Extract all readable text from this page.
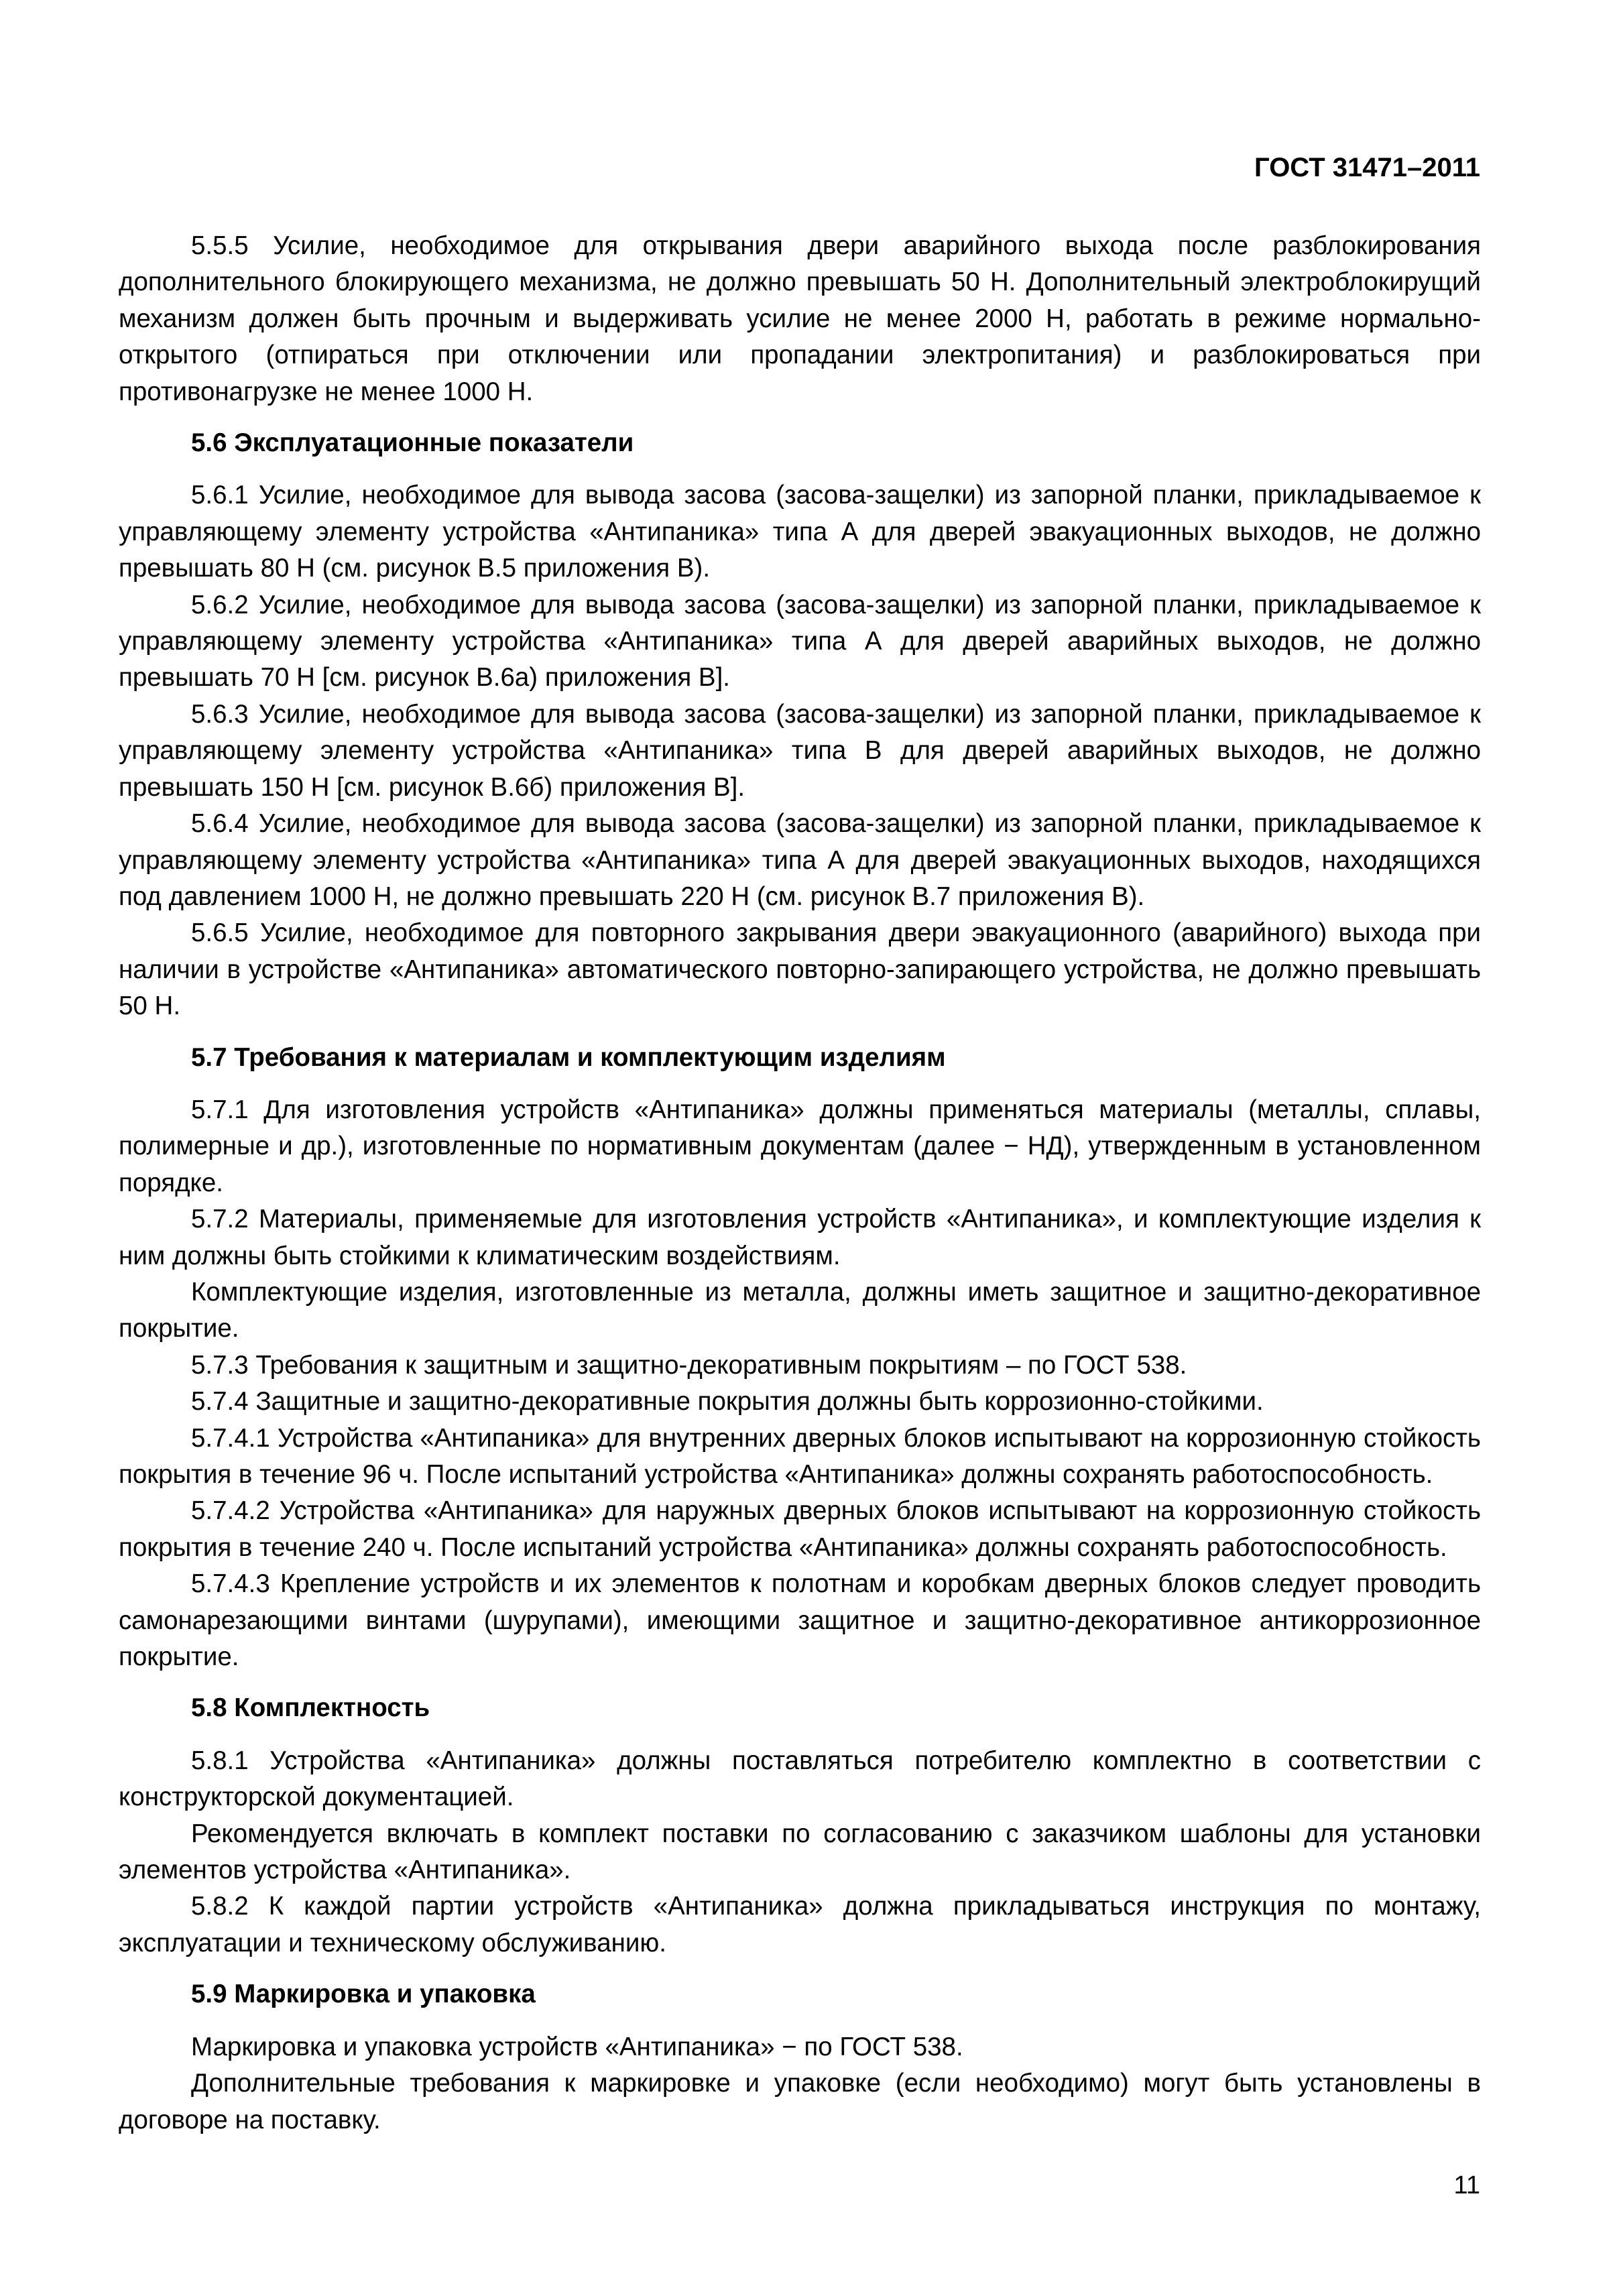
ГОСТ 31471–2011

5.5.5 Усилие, необходимое для открывания двери аварийного выхода после разблокирования дополнительного блокирующего механизма, не должно превышать 50 Н. Дополнительный электроблокирущий механизм должен быть прочным и выдерживать усилие не менее 2000 Н, работать в режиме нормально-открытого (отпираться при отключении или пропадании электропитания) и разблокироваться при противонагрузке не менее 1000 Н.

5.6 Эксплуатационные показатели

5.6.1 Усилие, необходимое для вывода засова (засова-защелки) из запорной планки, прикладываемое к управляющему элементу устройства «Антипаника» типа А для дверей эвакуационных выходов, не должно превышать 80 Н (см. рисунок В.5 приложения В).

5.6.2 Усилие, необходимое для вывода засова (засова-защелки) из запорной планки, прикладываемое к управляющему элементу устройства «Антипаника» типа А для дверей аварийных выходов, не должно превышать 70 Н [см. рисунок В.6а) приложения В].

5.6.3 Усилие, необходимое для вывода засова (засова-защелки) из запорной планки, прикладываемое к управляющему элементу устройства «Антипаника» типа В для дверей аварийных выходов, не должно превышать 150 Н [см. рисунок В.6б) приложения В].

5.6.4 Усилие, необходимое для вывода засова (засова-защелки) из запорной планки, прикладываемое к управляющему элементу устройства «Антипаника» типа А для дверей эвакуационных выходов, находящихся под давлением 1000 Н, не должно превышать 220 Н (см. рисунок В.7 приложения В).

5.6.5 Усилие, необходимое для повторного закрывания двери эвакуационного (аварийного) выхода при наличии в устройстве «Антипаника» автоматического повторно-запирающего устройства, не должно превышать 50 Н.

5.7 Требования к материалам и комплектующим изделиям

5.7.1 Для изготовления устройств «Антипаника» должны применяться материалы (металлы, сплавы, полимерные и др.), изготовленные по нормативным документам (далее − НД), утвержденным в установленном порядке.

5.7.2 Материалы, применяемые для изготовления устройств «Антипаника», и комплектующие изделия к ним должны быть стойкими к климатическим воздействиям.

Комплектующие изделия, изготовленные из металла, должны иметь защитное и защитно-декоративное покрытие.

5.7.3 Требования к защитным и защитно-декоративным покрытиям – по ГОСТ 538.

5.7.4 Защитные и защитно-декоративные покрытия должны быть коррозионно-стойкими.

5.7.4.1 Устройства «Антипаника» для внутренних дверных блоков испытывают на коррозионную стойкость покрытия в течение 96 ч. После испытаний устройства «Антипаника» должны сохранять работоспособность.

5.7.4.2 Устройства «Антипаника» для наружных дверных блоков испытывают на коррозионную стойкость покрытия в течение 240 ч. После испытаний устройства «Антипаника» должны сохранять работоспособность.

5.7.4.3 Крепление устройств и их элементов к полотнам и коробкам дверных блоков следует проводить самонарезающими винтами (шурупами), имеющими защитное и защитно-декоративное антикоррозионное покрытие.

5.8 Комплектность

5.8.1 Устройства «Антипаника» должны поставляться потребителю комплектно в соответствии с конструкторской документацией.

Рекомендуется включать в комплект поставки по согласованию с заказчиком шаблоны для установки элементов устройства «Антипаника».

5.8.2 К каждой партии устройств «Антипаника» должна прикладываться инструкция по монтажу, эксплуатации и техническому обслуживанию.

5.9 Маркировка и упаковка

Маркировка и упаковка устройств «Антипаника» − по ГОСТ 538.

Дополнительные требования к маркировке и упаковке (если необходимо) могут быть установлены в договоре на поставку.

11
